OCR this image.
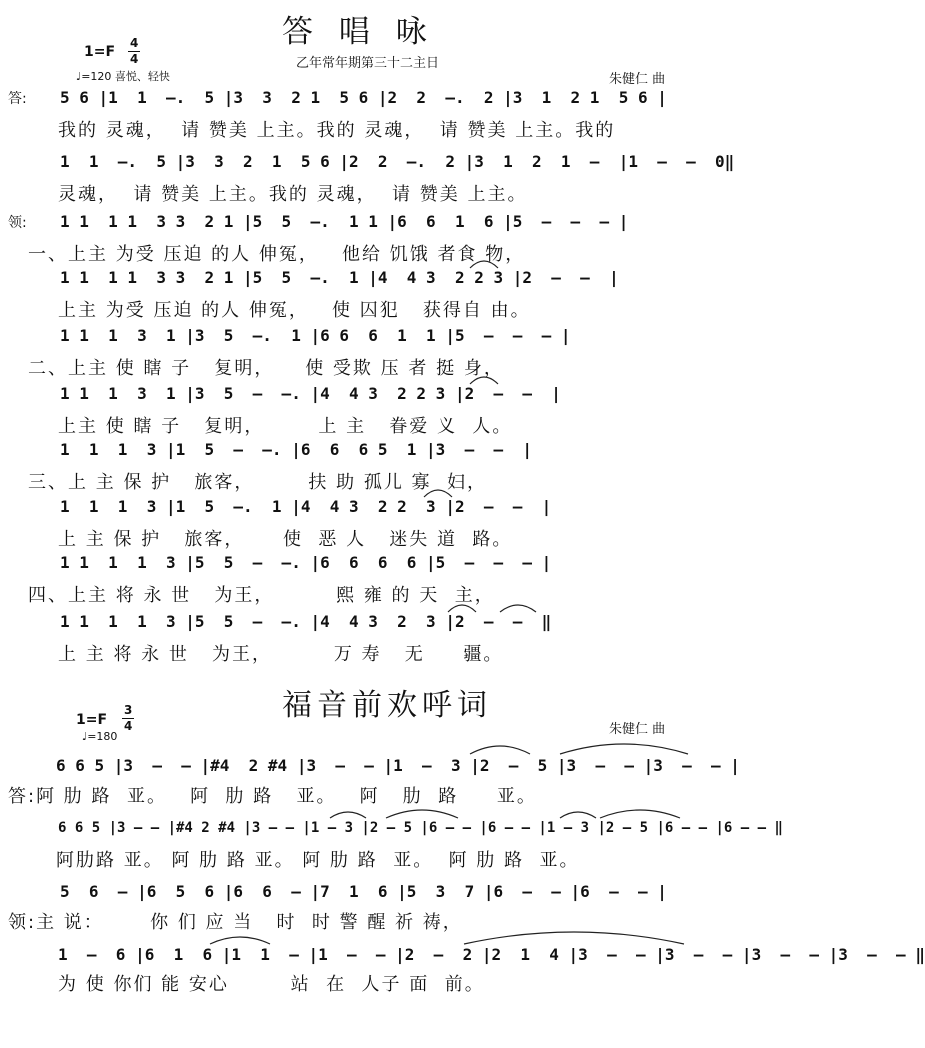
答 唱 咏
乙年常年期第三十二主日
1=F
4
4
♩=120 喜悦、轻快	朱健仁 曲
答: 5 6 |1  1  –.  5 |3  3  2 1  5 6 |2  2  –.  2 |3  1  2 1  5 6 |
我的 灵魂，  请 赞美 上主。我的 灵魂，  请 赞美 上主。我的
1  1  –.  5 |3  3  2  1  5 6 |2  2  –.  2 |3  1  2  1  –  |1  –  –  0‖
灵魂，  请 赞美 上主。我的 灵魂，  请 赞美 上主。
领: 1 1  1 1  3 3  2 1 |5  5  –.  1 1 |6  6  1  6 |5  –  –  – |
一、上主 为受 压迫 的人 伸冤，   他给 饥饿 者食 物，
1 1  1 1  3 3  2 1 |5  5  –.  1 |4  4 3  2 2 3 |2  –  –  |
上主 为受 压迫 的人 伸冤，   使 囚犯   获得自 由。
1 1  1  3  1 |3  5  –.  1 |6 6  6  1  1 |5  –  –  – |
二、上主 使 瞎 子   复明，    使 受欺 压 者 挺 身，
1 1  1  3  1 |3  5  –  –. |4  4 3  2 2 3 |2  –  –  |
上主 使 瞎 子   复明，       上 主   眷爱 义  人。
1  1  1  3 |1  5  –  –. |6  6  6 5  1 |3  –  –  |
三、上 主 保 护   旅客，       扶 助 孤儿 寡  妇，
1  1  1  3 |1  5  –.  1 |4  4 3  2 2  3 |2  –  –  |
上 主 保 护   旅客，     使  恶 人   迷失 道  路。
1 1  1  1  3 |5  5  –  –. |6  6  6  6 |5  –  –  – |
四、上主 将 永 世   为王，        熙 雍 的 天  主，
1 1  1  1  3 |5  5  –  –. |4  4 3  2  3 |2  –  –  ‖
上 主 将 永 世   为王，        万 寿   无     疆。
福音前欢呼词
1=F
3
4
♩=180	朱健仁 曲
6 6 5 |3  –  – |#4  2 #4 |3  –  – |1  –  3 |2  –  5 |3  –  – |3  –  – |
答:阿 肋 路  亚。   阿  肋 路   亚。   阿   肋  路     亚。
6 6 5 |3 – – |#4 2 #4 |3 – – |1 – 3 |2 – 5 |6 – – |6 – – |1 – 3 |2 – 5 |6 – – |6 – – ‖
阿肋路 亚。 阿 肋 路 亚。 阿 肋 路  亚。  阿 肋 路  亚。
5  6  – |6  5  6 |6  6  – |7  1  6 |5  3  7 |6  –  – |6  –  – |
领:主 说：      你 们 应 当   时  时 警 醒 祈 祷，
1  –  6 |6  1  6 |1  1  – |1  –  – |2  –  2 |2  1  4 |3  –  – |3  –  – |3  –  – |3  –  – ‖
为 使 你们 能 安心        站  在  人子 面  前。
